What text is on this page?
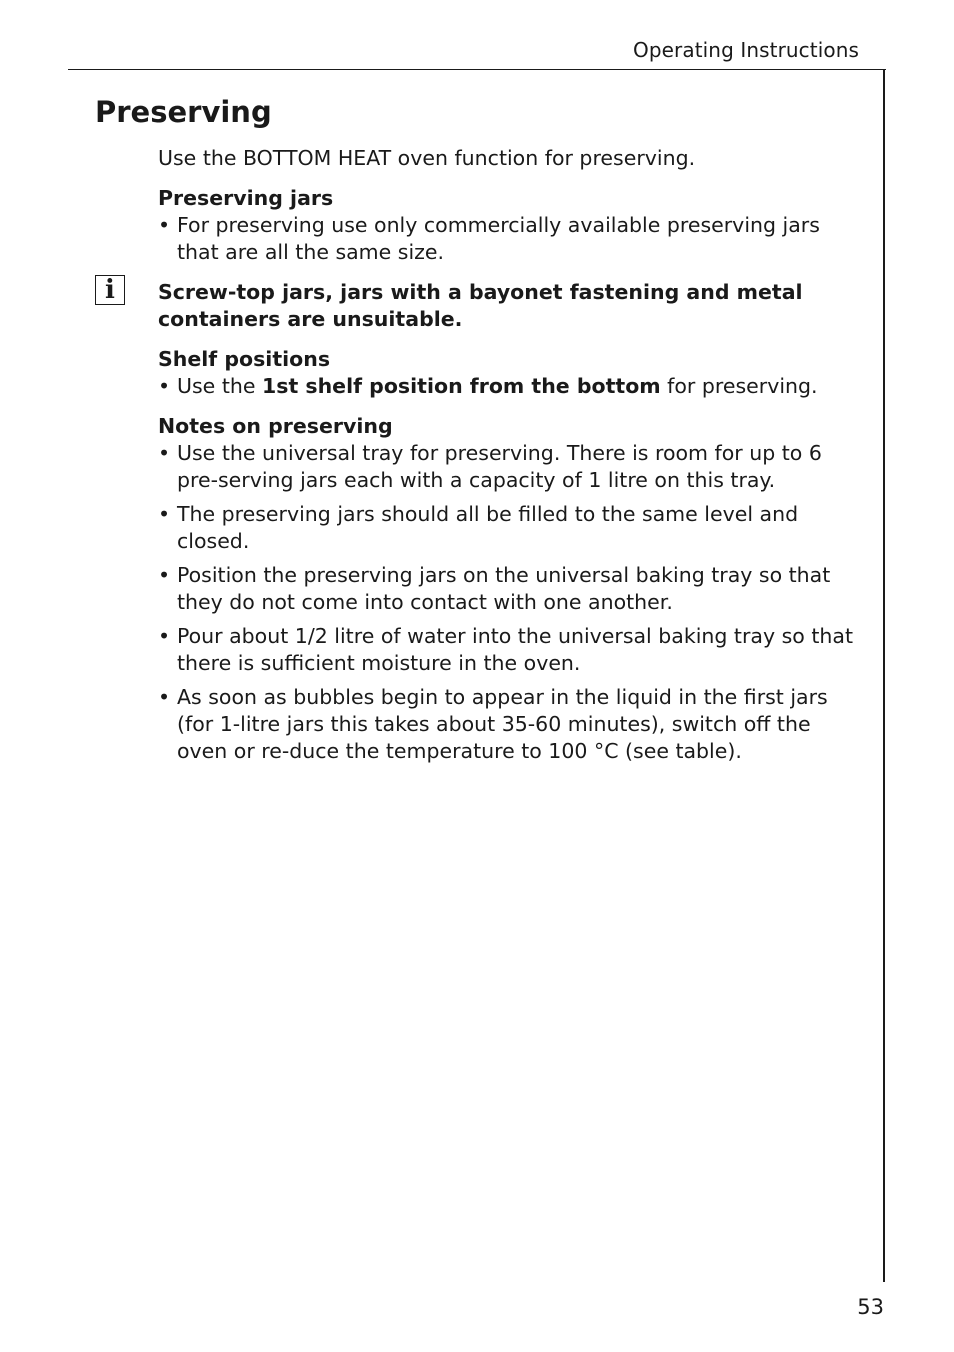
Operating Instructions
Preserving

Use the BOTTOM HEAT oven function for preserving.

Preserving jars

• For preserving use only commercially available preserving jars that are all the same size.
i	Screw-top jars, jars with a bayonet fastening and metal containers are unsuitable.

Shelf positions

• Use the 1st shelf position from the bottom for preserving.

Notes on preserving

• Use the universal tray for preserving. There is room for up to 6 pre-serving jars each with a capacity of 1 litre on this tray.
• The preserving jars should all be filled to the same level and closed.
• Position the preserving jars on the universal baking tray so that they do not come into contact with one another.
• Pour about 1/2 litre of water into the universal baking tray so that there is sufficient moisture in the oven.
• As soon as bubbles begin to appear in the liquid in the first jars (for 1-litre jars this takes about 35-60 minutes), switch off the oven or re-duce the temperature to 100 °C (see table).
53
